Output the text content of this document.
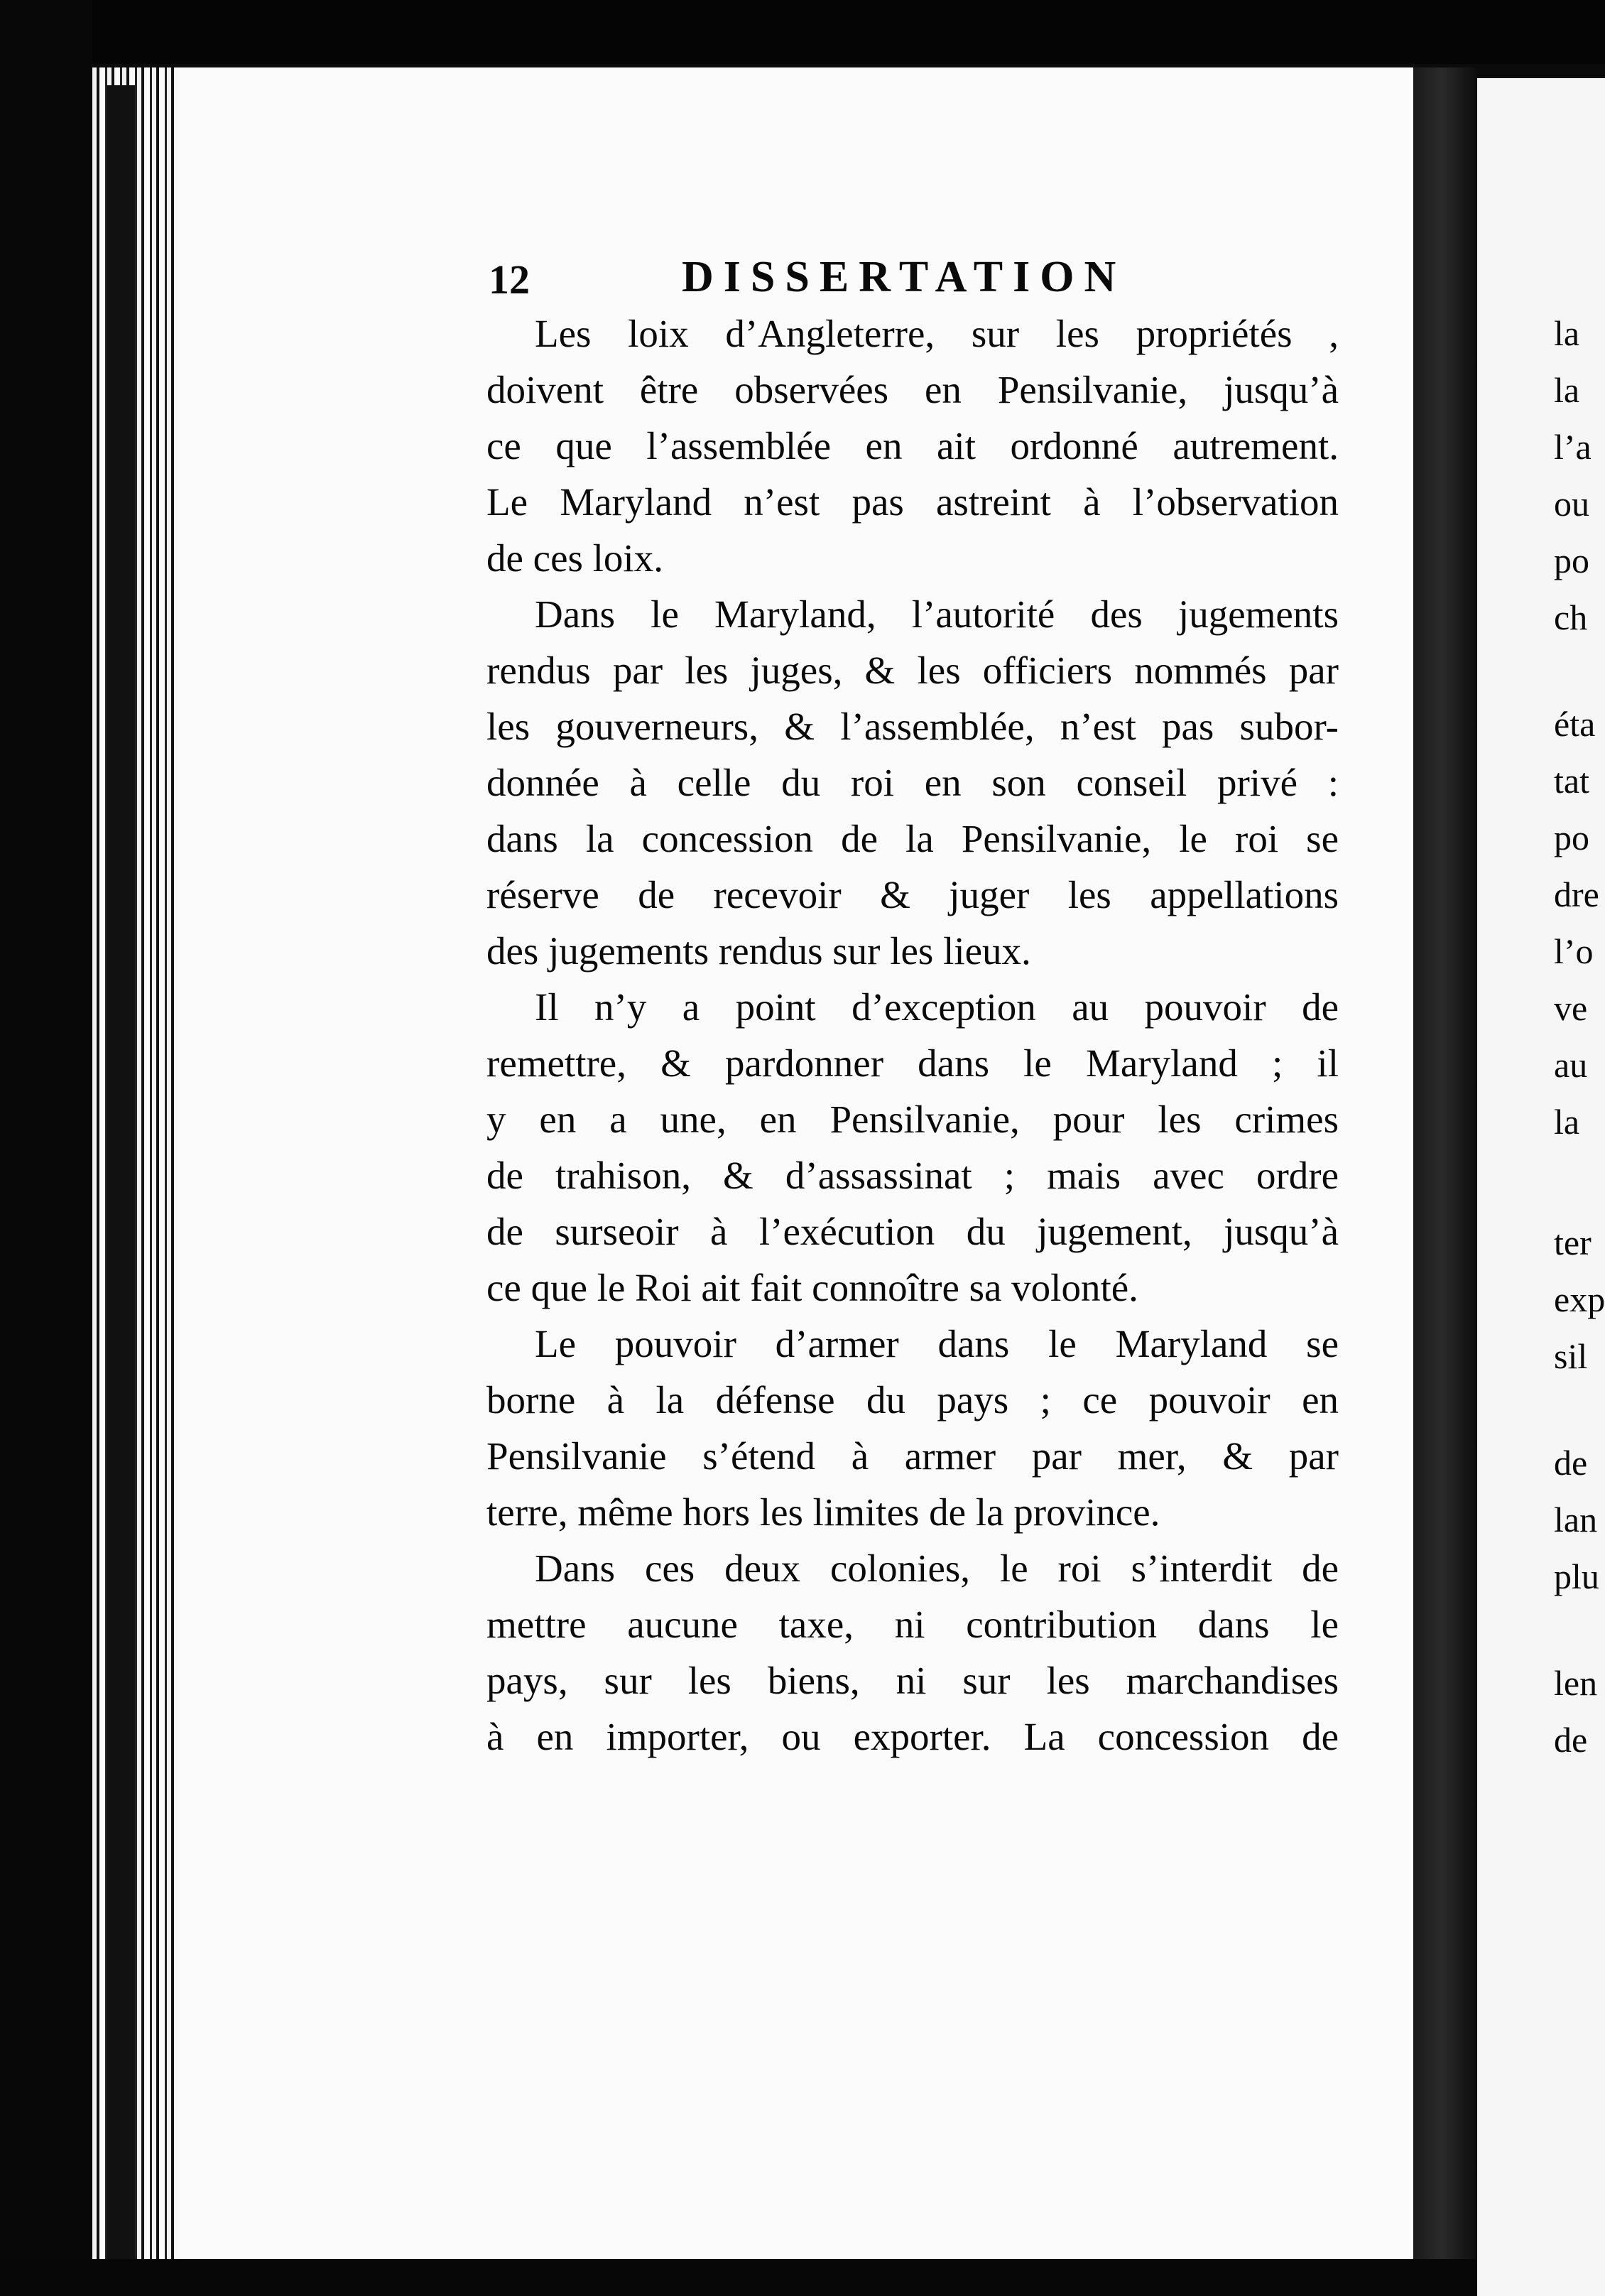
12	DISSERTATION
Les loix d’Angleterre, sur les propriétés ,
doivent être observées en Pensilvanie, jusqu’à
ce que l’assemblée en ait ordonné autrement.
Le Maryland n’est pas astreint à l’observation
de ces loix.
Dans le Maryland, l’autorité des jugements
rendus par les juges, & les officiers nommés par
les gouverneurs, & l’assemblée, n’est pas subor-
donnée à celle du roi en son conseil privé :
dans la concession de la Pensilvanie, le roi se
réserve de recevoir & juger les appellations
des jugements rendus sur les lieux.
Il n’y a point d’exception au pouvoir de
remettre, & pardonner dans le Maryland ; il
y en a une, en Pensilvanie, pour les crimes
de trahison, & d’assassinat ; mais avec ordre
de surseoir à l’exécution du jugement, jusqu’à
ce que le Roi ait fait connoître sa volonté.
Le pouvoir d’armer dans le Maryland se
borne à la défense du pays ; ce pouvoir en
Pensilvanie s’étend à armer par mer, & par
terre, même hors les limites de la province.
Dans ces deux colonies, le roi s’interdit de
mettre aucune taxe, ni contribution dans le
pays, sur les biens, ni sur les marchandises
à en importer, ou exporter. La concession de
la
la
l’a
ou
po
ch
éta
tat
po
dre
l’o
ve
au
la
ter
exp
sil
de
lan
plu
len
de
